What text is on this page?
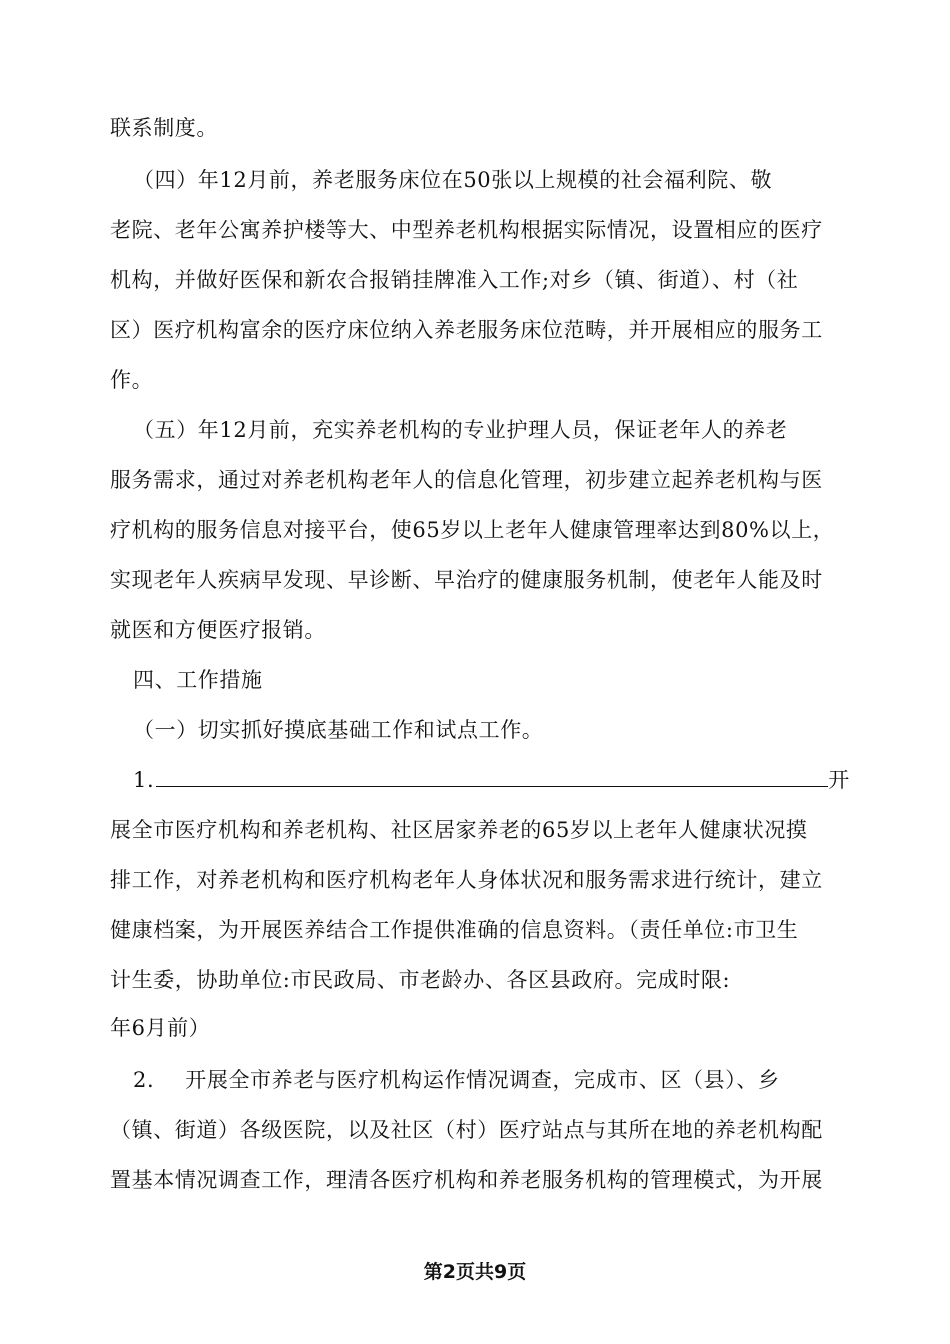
联系制度。
（四）年12月前，养老服务床位在50张以上规模的社会福利院、敬
老院、老年公寓养护楼等大、中型养老机构根据实际情况，设置相应的医疗
机构，并做好医保和新农合报销挂牌准入工作;对乡（镇、街道）、村（社
区）医疗机构富余的医疗床位纳入养老服务床位范畴，并开展相应的服务工
作。
（五）年12月前，充实养老机构的专业护理人员，保证老年人的养老
服务需求，通过对养老机构老年人的信息化管理，初步建立起养老机构与医
疗机构的服务信息对接平台，使65岁以上老年人健康管理率达到80%以上，
实现老年人疾病早发现、早诊断、早治疗的健康服务机制，使老年人能及时
就医和方便医疗报销。
四、工作措施
（一）切实抓好摸底基础工作和试点工作。
1.	开
展全市医疗机构和养老机构、社区居家养老的65岁以上老年人健康状况摸
排工作，对养老机构和医疗机构老年人身体状况和服务需求进行统计，建立
健康档案，为开展医养结合工作提供准确的信息资料。（责任单位:市卫生
计生委，协助单位:市民政局、市老龄办、各区县政府。完成时限:
年6月前）
2. 开展全市养老与医疗机构运作情况调查，完成市、区（县）、乡
（镇、街道）各级医院，以及社区（村）医疗站点与其所在地的养老机构配
置基本情况调查工作，理清各医疗机构和养老服务机构的管理模式，为开展
第2页共9页
